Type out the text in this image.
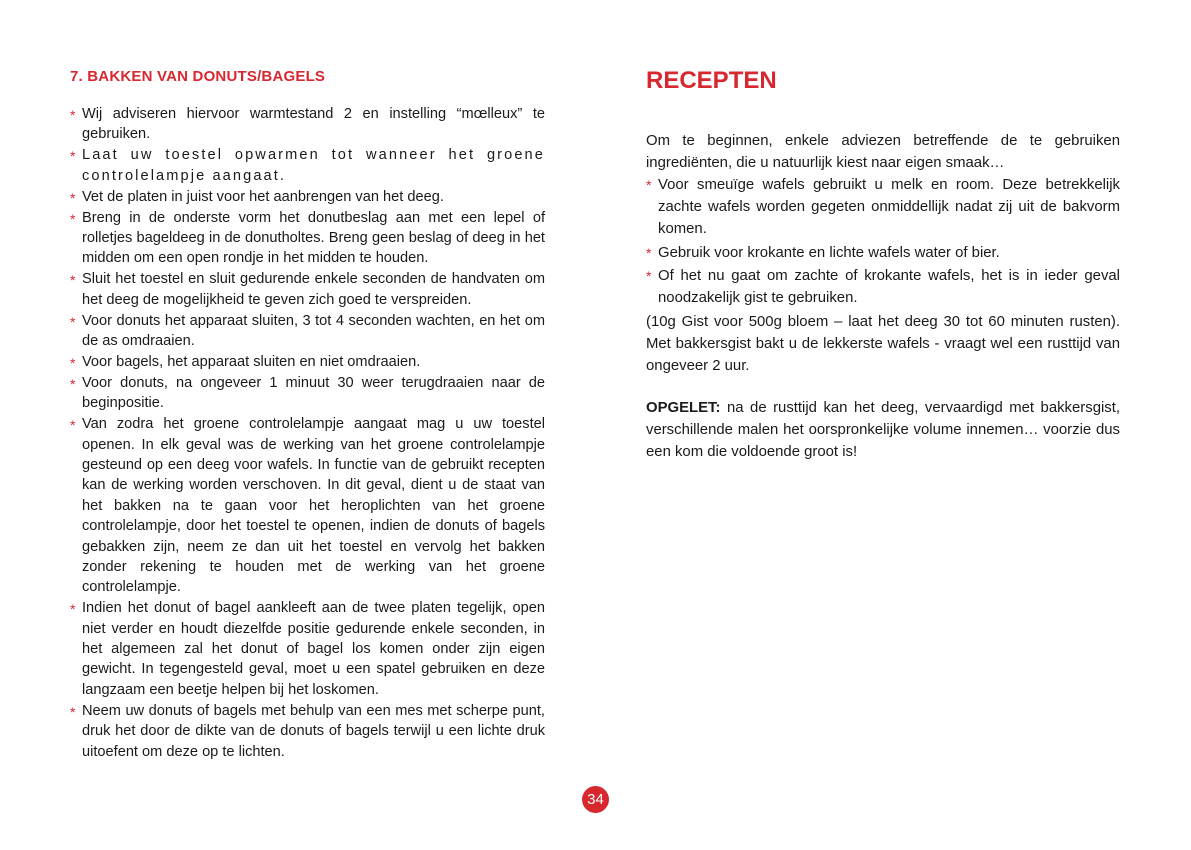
7. BAKKEN VAN DONUTS/BAGELS
* Wij adviseren hiervoor warmtestand 2 en instelling “mœlleux” te gebruiken.
* Laat uw toestel opwarmen tot wanneer het groene controlelampje aangaat.
* Vet de platen in juist voor het aanbrengen van het deeg.
* Breng in de onderste vorm het donutbeslag aan met een lepel of rolletjes bageldeeg in de donutholtes. Breng geen beslag of deeg in het midden om een open rondje in het midden te houden.
* Sluit het toestel en sluit gedurende enkele seconden de handvaten om het deeg de mogelijkheid te geven zich goed te verspreiden.
* Voor donuts het apparaat sluiten, 3 tot 4 seconden wachten, en het om de as omdraaien.
* Voor bagels, het apparaat sluiten en niet omdraaien.
* Voor donuts, na ongeveer 1 minuut 30 weer terugdraaien naar de beginpositie.
* Van zodra het groene controlelampje aangaat mag u uw toestel openen. In elk geval was de werking van het groene controlelampje gesteund op een deeg voor wafels. In functie van de gebruikt recepten kan de werking worden verschoven. In dit geval, dient u de staat van het bakken na te gaan voor het heroplichten van het groene controlelampje, door het toestel te openen, indien de donuts of bagels gebakken zijn, neem ze dan uit het toestel en vervolg het bakken zonder rekening te houden met de werking van het groene controlelampje.
* Indien het donut of bagel aankleeft aan de twee platen tegelijk, open niet verder en houdt diezelfde positie gedurende enkele seconden, in het algemeen zal het donut of bagel los komen onder zijn eigen gewicht. In tegengesteld geval, moet u een spatel gebruiken en deze langzaam een beetje helpen bij het loskomen.
* Neem uw donuts of bagels met behulp van een mes met scherpe punt, druk het door de dikte van de donuts of bagels terwijl u een lichte druk uitoefent om deze op te lichten.
RECEPTEN

Om te beginnen, enkele adviezen betreffende de te gebruiken ingrediënten, die u natuurlijk kiest naar eigen smaak…

* Voor smeuïge wafels gebruikt u melk en room. Deze betrekkelijk zachte wafels worden gegeten onmiddellijk nadat zij uit de bakvorm komen.
* Gebruik voor krokante en lichte wafels water of bier.
* Of het nu gaat om zachte of krokante wafels, het is in ieder geval noodzakelijk gist te gebruiken.

(10g Gist voor 500g bloem – laat het deeg 30 tot 60 minuten rusten). Met bakkersgist bakt u de lekkerste wafels - vraagt wel een rusttijd van ongeveer 2 uur.

OPGELET: na de rusttijd kan het deeg, vervaardigd met bakkersgist, verschillende malen het oorspronkelijke volume innemen… voorzie dus een kom die voldoende groot is!

34
